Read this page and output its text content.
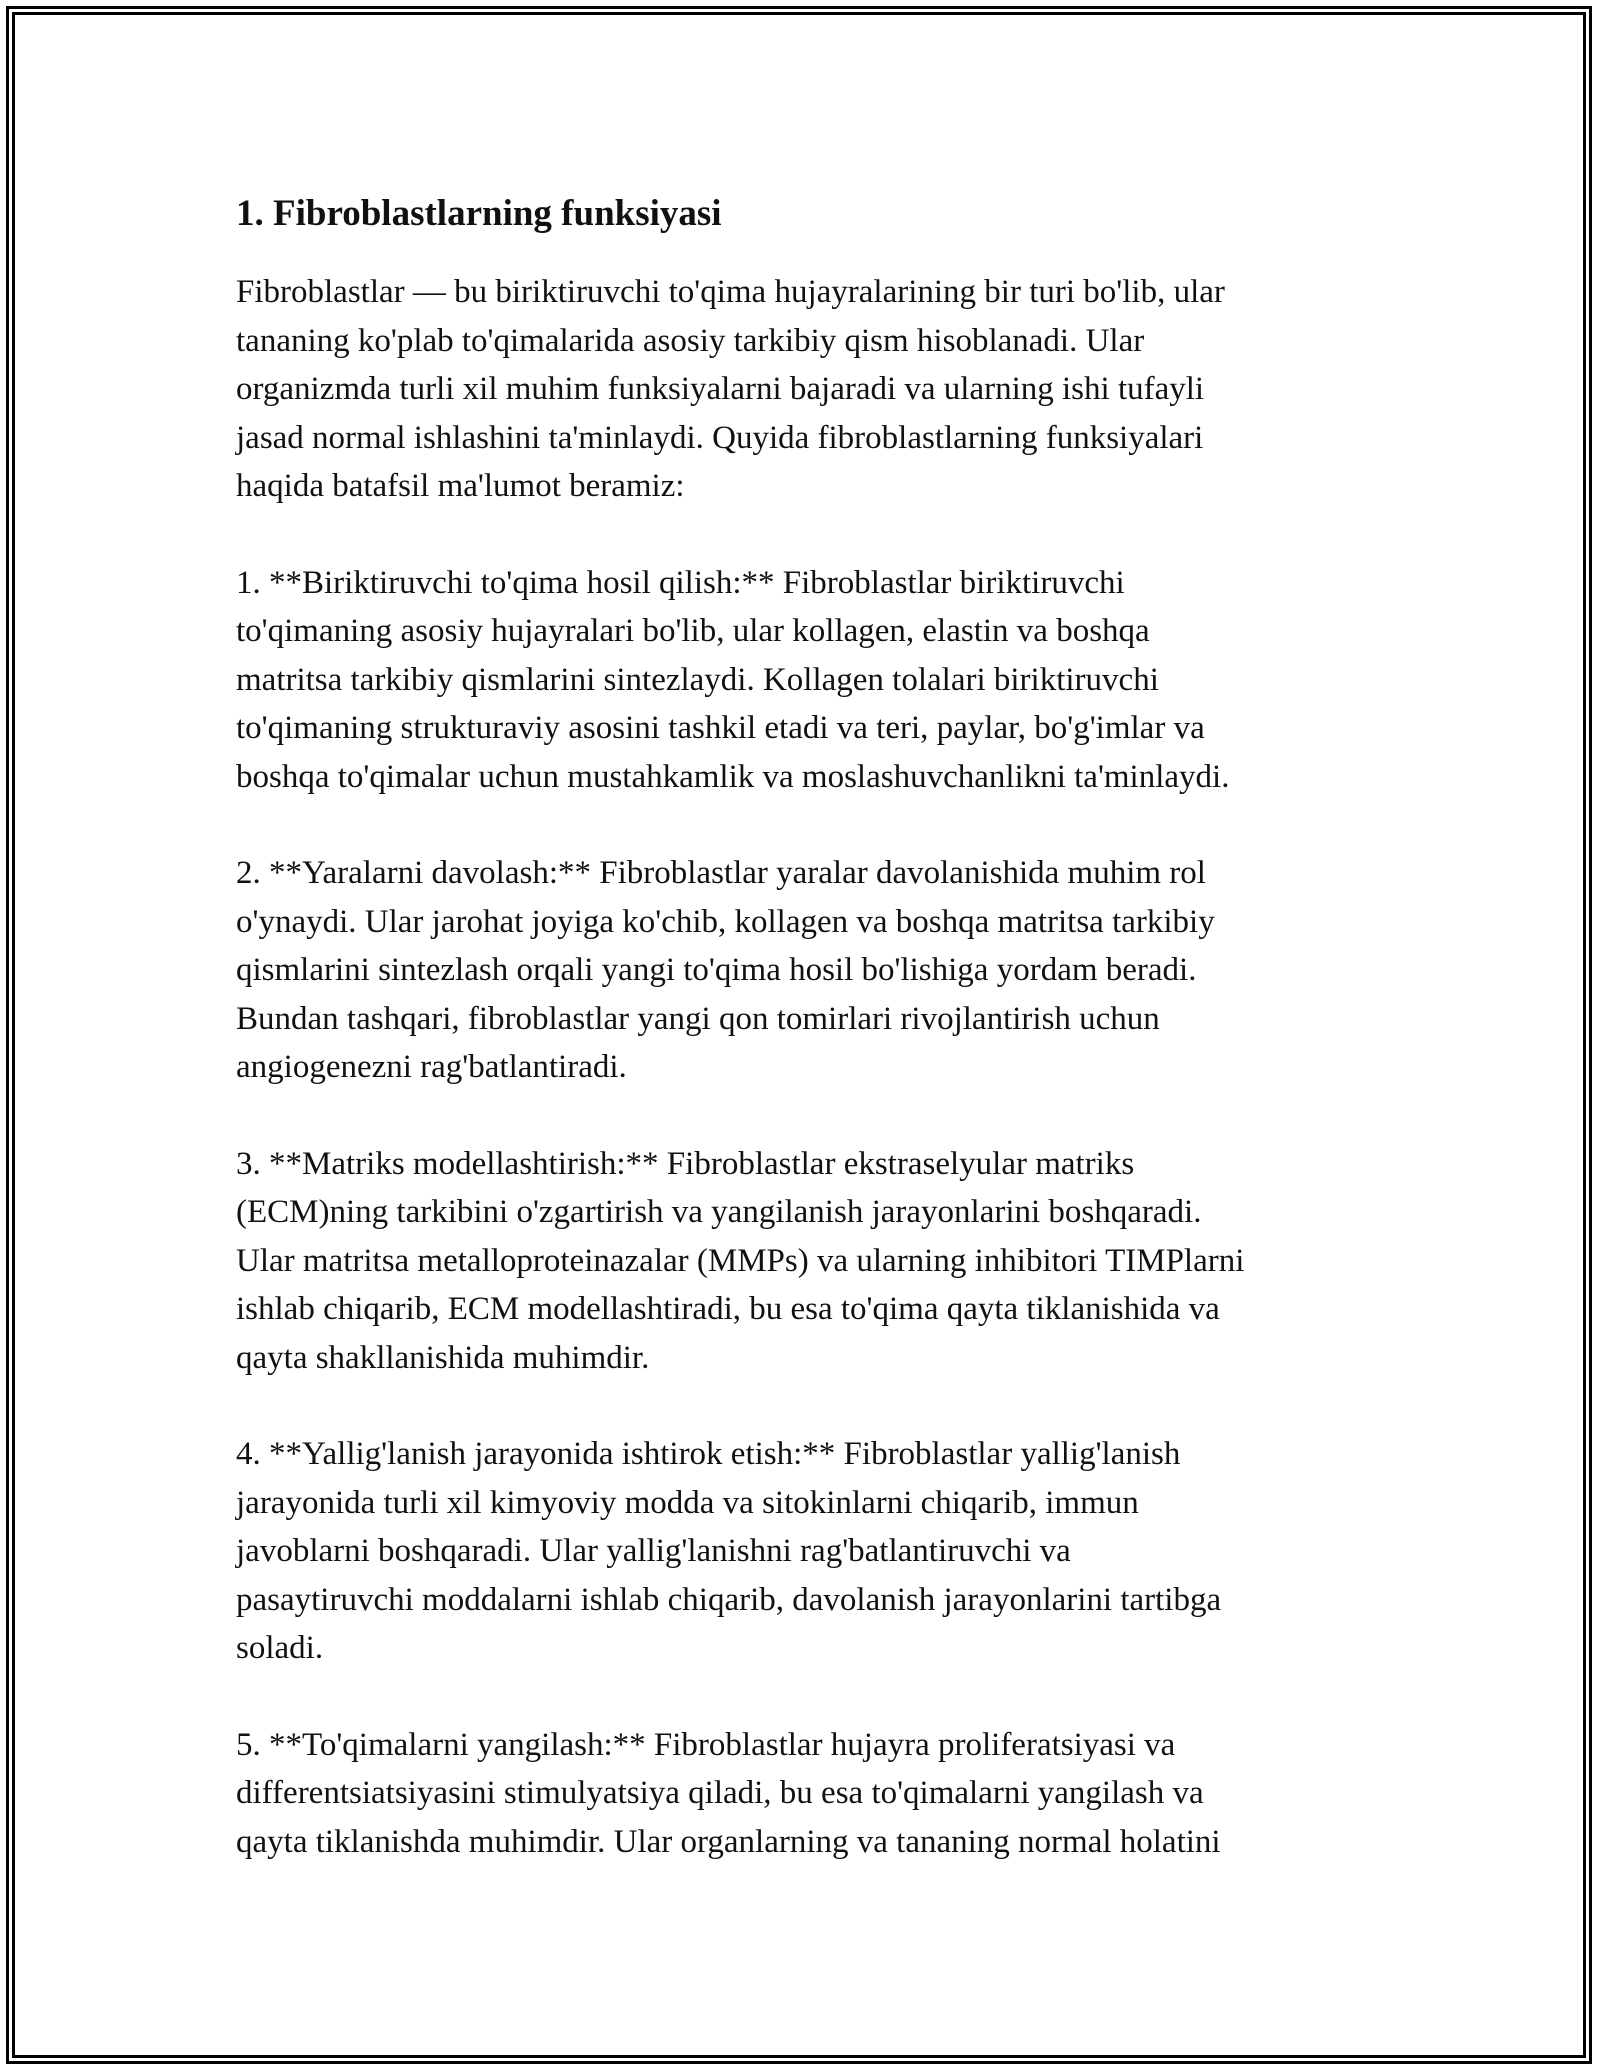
1. Fibroblastlarning funksiyasi

Fibroblastlar — bu biriktiruvchi to'qima hujayralarining bir turi bo'lib, ular
tananing ko'plab to'qimalarida asosiy tarkibiy qism hisoblanadi. Ular
organizmda turli xil muhim funksiyalarni bajaradi va ularning ishi tufayli
jasad normal ishlashini ta'minlaydi. Quyida fibroblastlarning funksiyalari
haqida batafsil ma'lumot beramiz:

1. **Biriktiruvchi to'qima hosil qilish:** Fibroblastlar biriktiruvchi
to'qimaning asosiy hujayralari bo'lib, ular kollagen, elastin va boshqa
matritsa tarkibiy qismlarini sintezlaydi. Kollagen tolalari biriktiruvchi
to'qimaning strukturaviy asosini tashkil etadi va teri, paylar, bo'g'imlar va
boshqa to'qimalar uchun mustahkamlik va moslashuvchanlikni ta'minlaydi.

2. **Yaralarni davolash:** Fibroblastlar yaralar davolanishida muhim rol
o'ynaydi. Ular jarohat joyiga ko'chib, kollagen va boshqa matritsa tarkibiy
qismlarini sintezlash orqali yangi to'qima hosil bo'lishiga yordam beradi.
Bundan tashqari, fibroblastlar yangi qon tomirlari rivojlantirish uchun
angiogenezni rag'batlantiradi.

3. **Matriks modellashtirish:** Fibroblastlar ekstraselyular matriks
(ECM)ning tarkibini o'zgartirish va yangilanish jarayonlarini boshqaradi.
Ular matritsa metalloproteinazalar (MMPs) va ularning inhibitori TIMPlarni
ishlab chiqarib, ECM modellashtiradi, bu esa to'qima qayta tiklanishida va
qayta shakllanishida muhimdir.

4. **Yallig'lanish jarayonida ishtirok etish:** Fibroblastlar yallig'lanish
jarayonida turli xil kimyoviy modda va sitokinlarni chiqarib, immun
javoblarni boshqaradi. Ular yallig'lanishni rag'batlantiruvchi va
pasaytiruvchi moddalarni ishlab chiqarib, davolanish jarayonlarini tartibga
soladi.

5. **To'qimalarni yangilash:** Fibroblastlar hujayra proliferatsiyasi va
differentsiatsiyasini stimulyatsiya qiladi, bu esa to'qimalarni yangilash va
qayta tiklanishda muhimdir. Ular organlarning va tananing normal holatini
